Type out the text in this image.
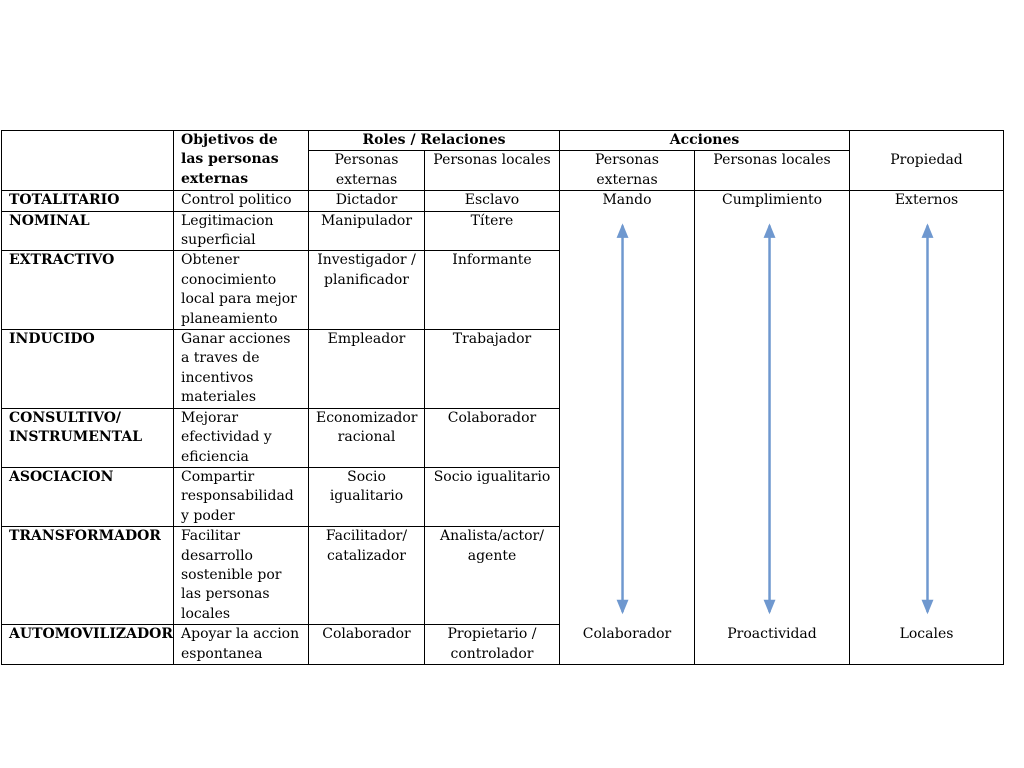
	Objetivos de las personas externas	Roles / Relaciones		Acciones		Propiedad
		Personas externas	Personas locales	Personas externas	Personas locales	

TOTALITARIO	Control politico	Dictador	Esclavo	Mando	Cumplimiento	Externos
NOMINAL	Legitimacion superficial	Manipulador	Títere	

EXTRACTIVO	Obtener conocimiento local para mejor planeamiento	Investigador / planificador	Informante			
INDUCIDO	Ganar acciones a traves de incentivos materiales	Empleador	Trabajador			
CONSULTIVO/ INSTRUMENTAL	Mejorar efectividad y eficiencia	Economizador racional	Colaborador			
ASOCIACION	Compartir responsabilidad y poder	Socio igualitario	Socio igualitario			
TRANSFORMADOR	Facilitar desarrollo sostenible por las personas locales	Facilitador/ catalizador	Analista/actor/ agente			
AUTOMOVILIZADOR	Apoyar la accion espontanea	Colaborador	Propietario / controlador	Colaborador	Proactividad	Locales
